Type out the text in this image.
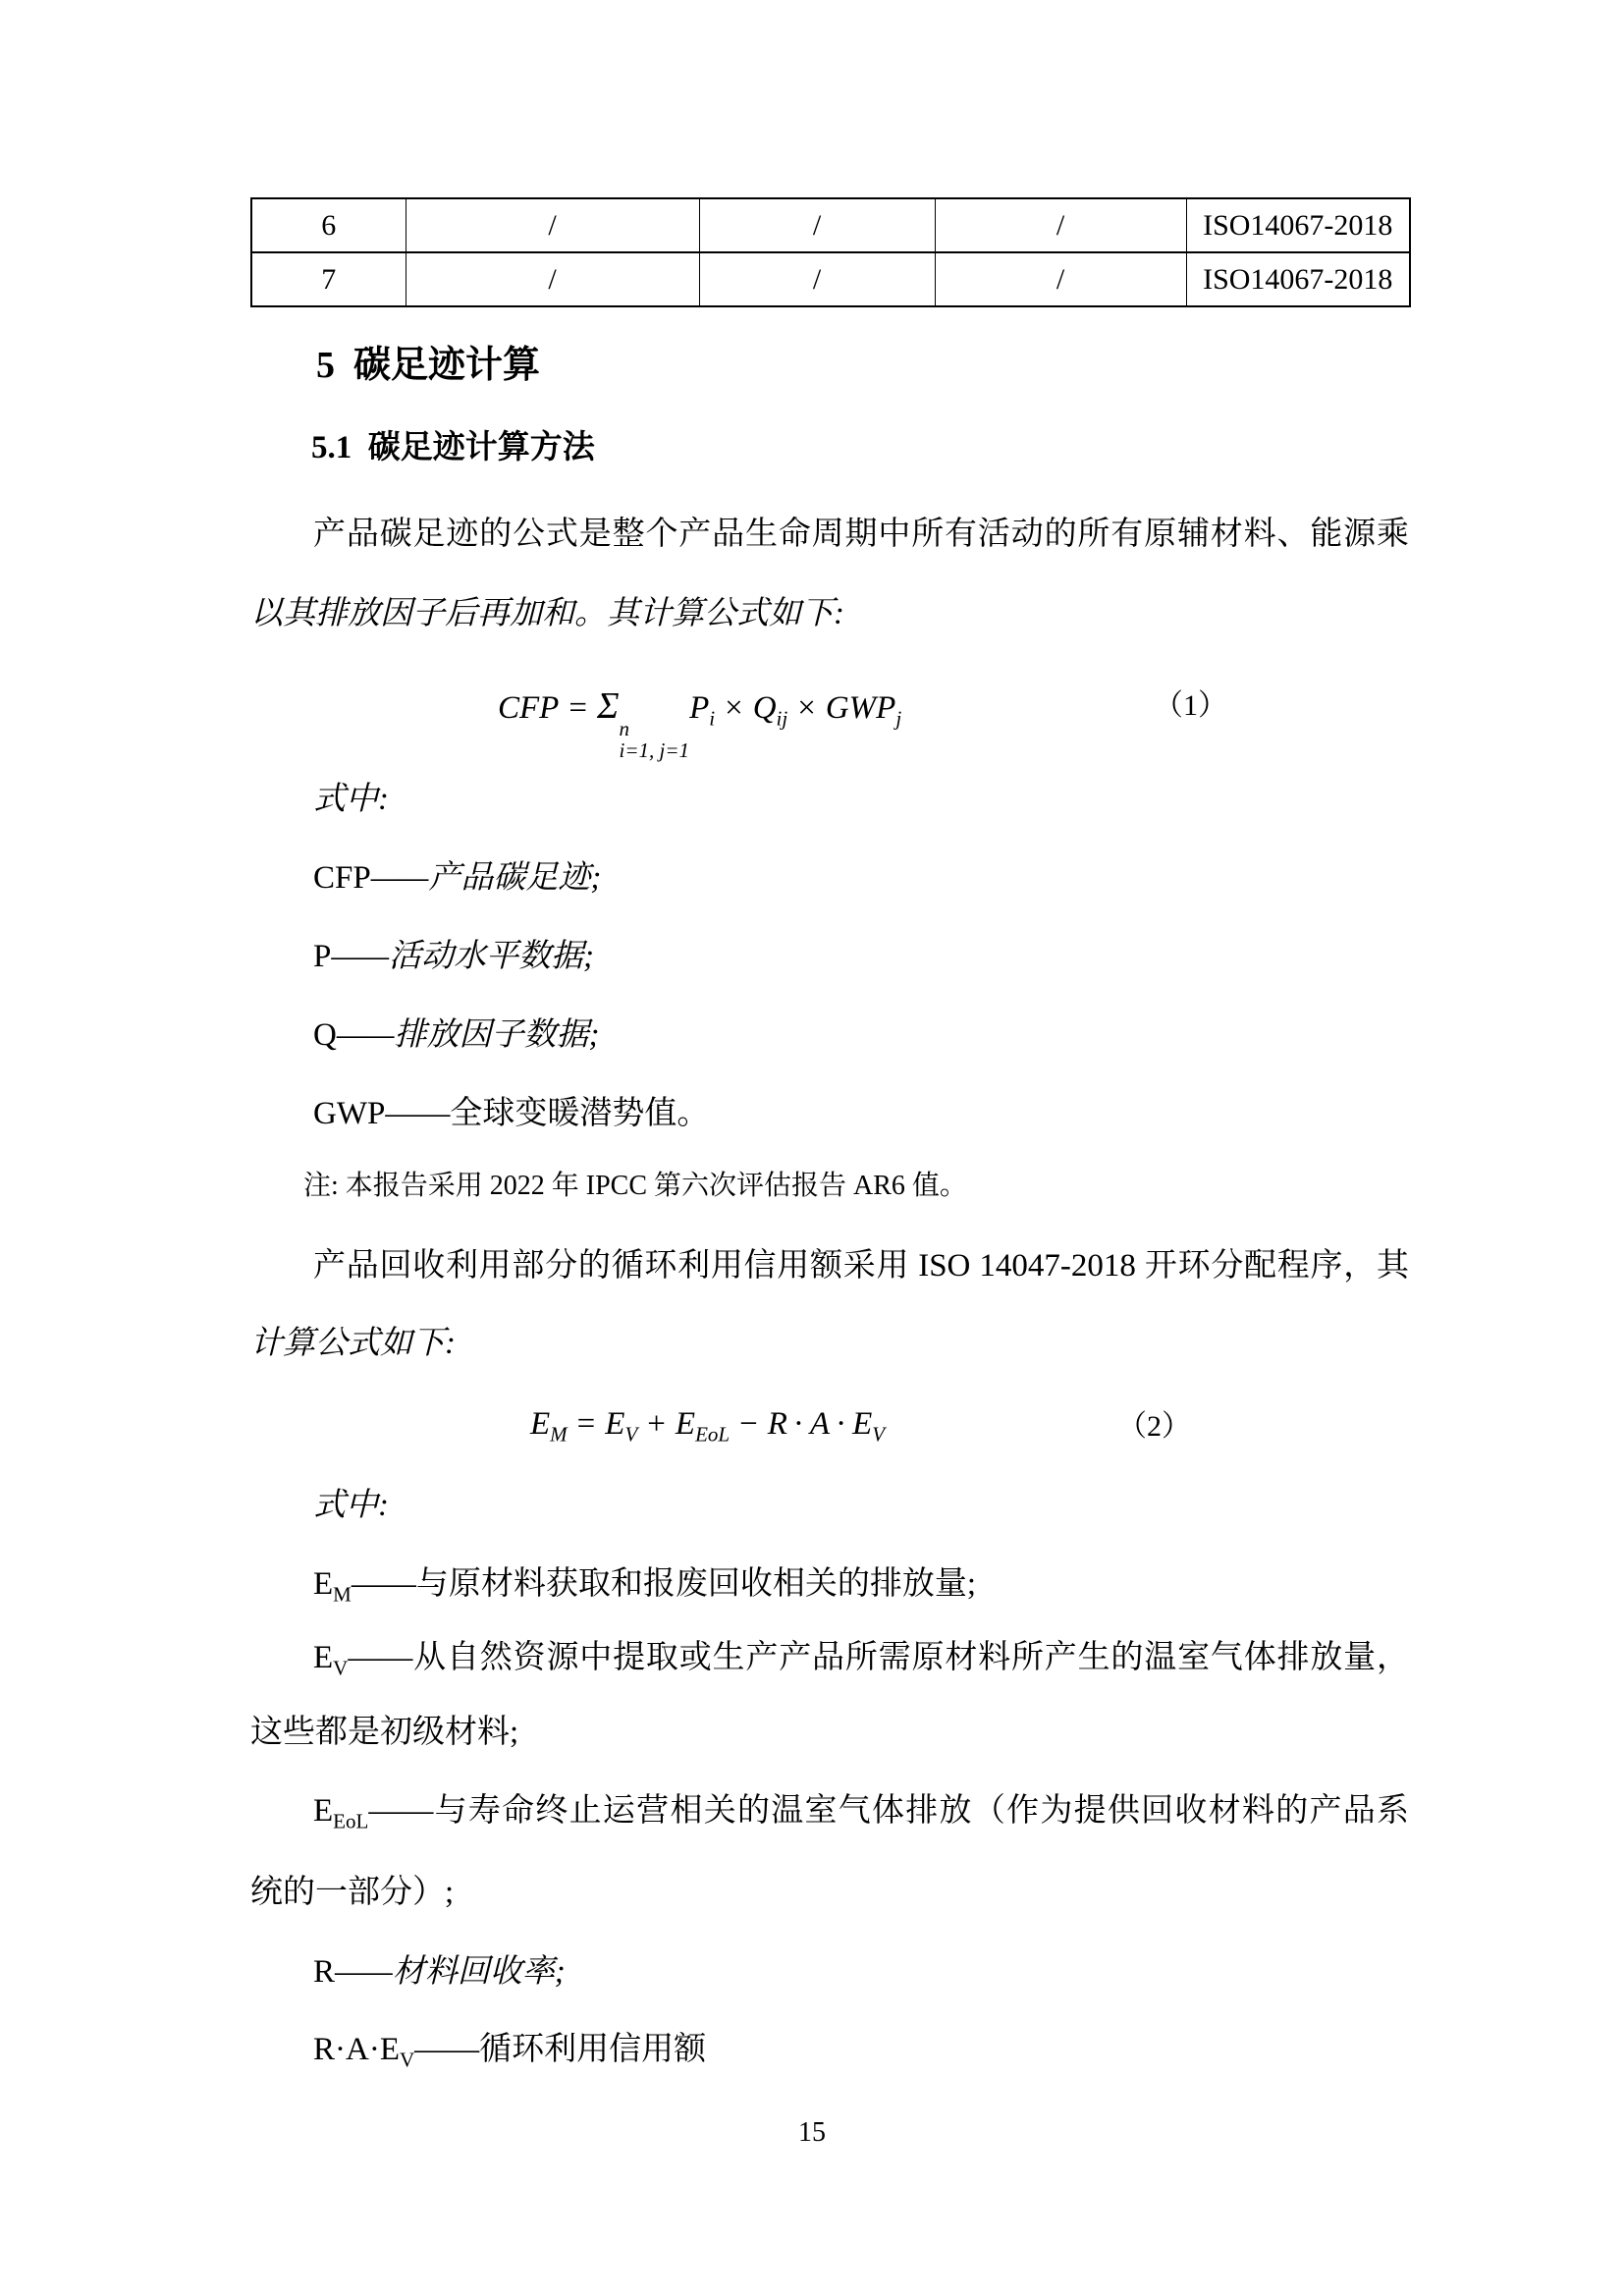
6	/	/	/	ISO14067-2018
7	/	/	/	ISO14067-2018
5  碳足迹计算
5.1  碳足迹计算方法
产品碳足迹的公式是整个产品生命周期中所有活动的所有原辅材料、能源乘
以其排放因子后再加和。其计算公式如下:
CFP = Σ
n
i=1, j=1
$P_i \times Q_{ij} \times GWP_j$	（1）
式中:
CFP——产品碳足迹;
P——活动水平数据;
Q——排放因子数据;
GWP——全球变暖潜势值。
注: 本报告采用 2022 年 IPCC 第六次评估报告 AR6 值。
产品回收利用部分的循环利用信用额采用 ISO 14047-2018 开环分配程序，其
计算公式如下:
$E_M = E_V + E_{EoL} - R \cdot A \cdot E_V$	（2）
式中:
$E_M——$与原材料获取和报废回收相关的排放量;
$E_V——$从自然资源中提取或生产产品所需原材料所产生的温室气体排放量，
这些都是初级材料;
$E_{EoL}——$与寿命终止运营相关的温室气体排放（作为提供回收材料的产品系
统的一部分）;
R——材料回收率;
$R\cdot A\cdot E_V——$循环利用信用额
15
